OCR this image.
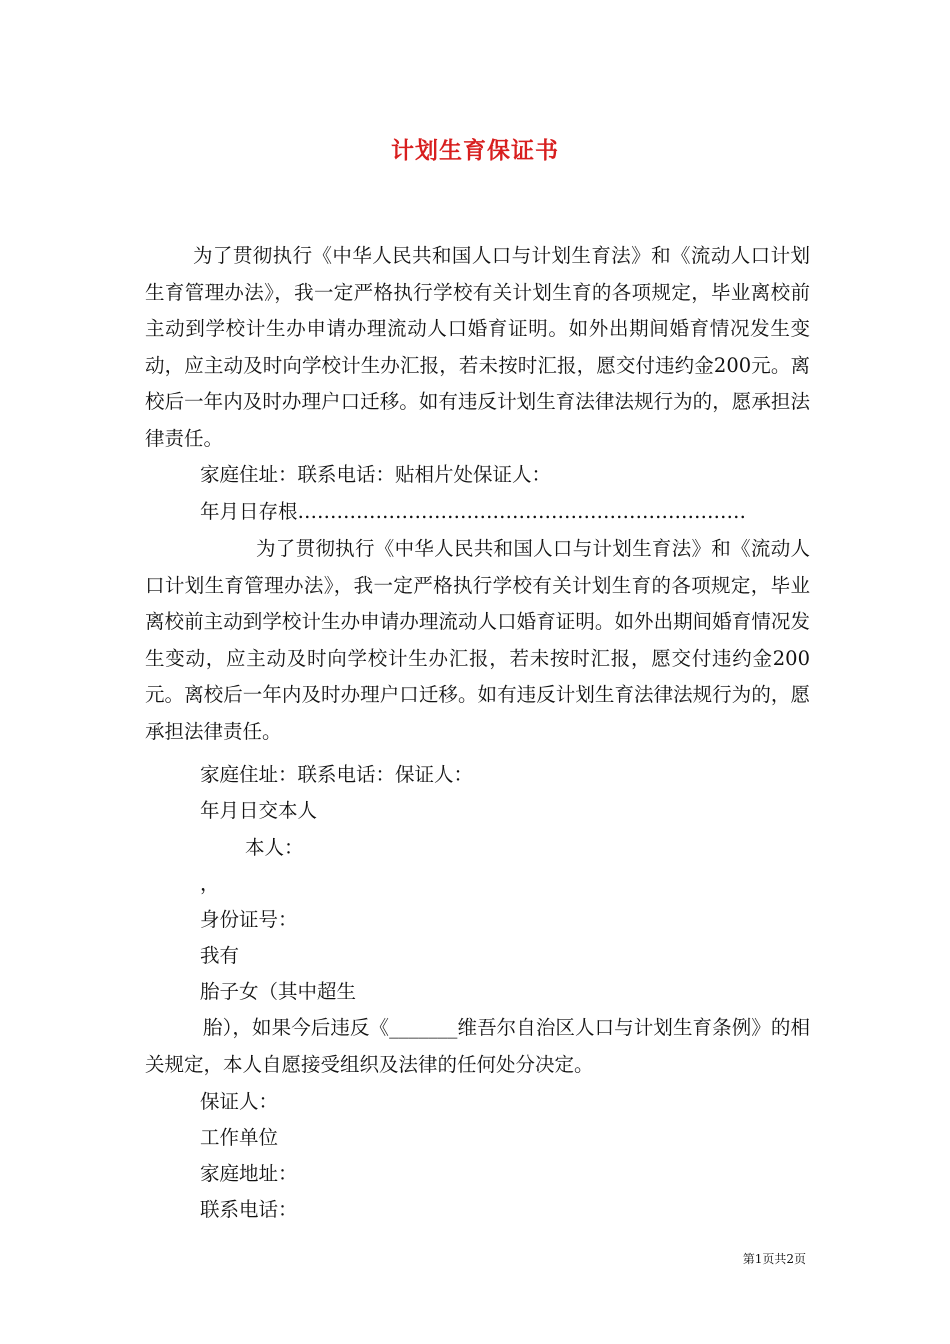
计划生育保证书

为了贯彻执行《中华人民共和国人口与计划生育法》和《流动人口计划生育管理办法》，我一定严格执行学校有关计划生育的各项规定，毕业离校前主动到学校计生办申请办理流动人口婚育证明。如外出期间婚育情况发生变动，应主动及时向学校计生办汇报，若未按时汇报，愿交付违约金200元。离校后一年内及时办理户口迁移。如有违反计划生育法律法规行为的，愿承担法律责任。

家庭住址：联系电话：贴相片处保证人：
年月日存根……………………………………………………………

为了贯彻执行《中华人民共和国人口与计划生育法》和《流动人口计划生育管理办法》，我一定严格执行学校有关计划生育的各项规定，毕业离校前主动到学校计生办申请办理流动人口婚育证明。如外出期间婚育情况发生变动，应主动及时向学校计生办汇报，若未按时汇报，愿交付违约金200元。离校后一年内及时办理户口迁移。如有违反计划生育法律法规行为的，愿承担法律责任。

家庭住址：联系电话：保证人：
年月日交本人
本人：
，
身份证号：
我有
胎子女（其中超生

胎），如果今后违反《_______维吾尔自治区人口与计划生育条例》的相关规定，本人自愿接受组织及法律的任何处分决定。

保证人：
工作单位
家庭地址：
联系电话：
第1页共2页
